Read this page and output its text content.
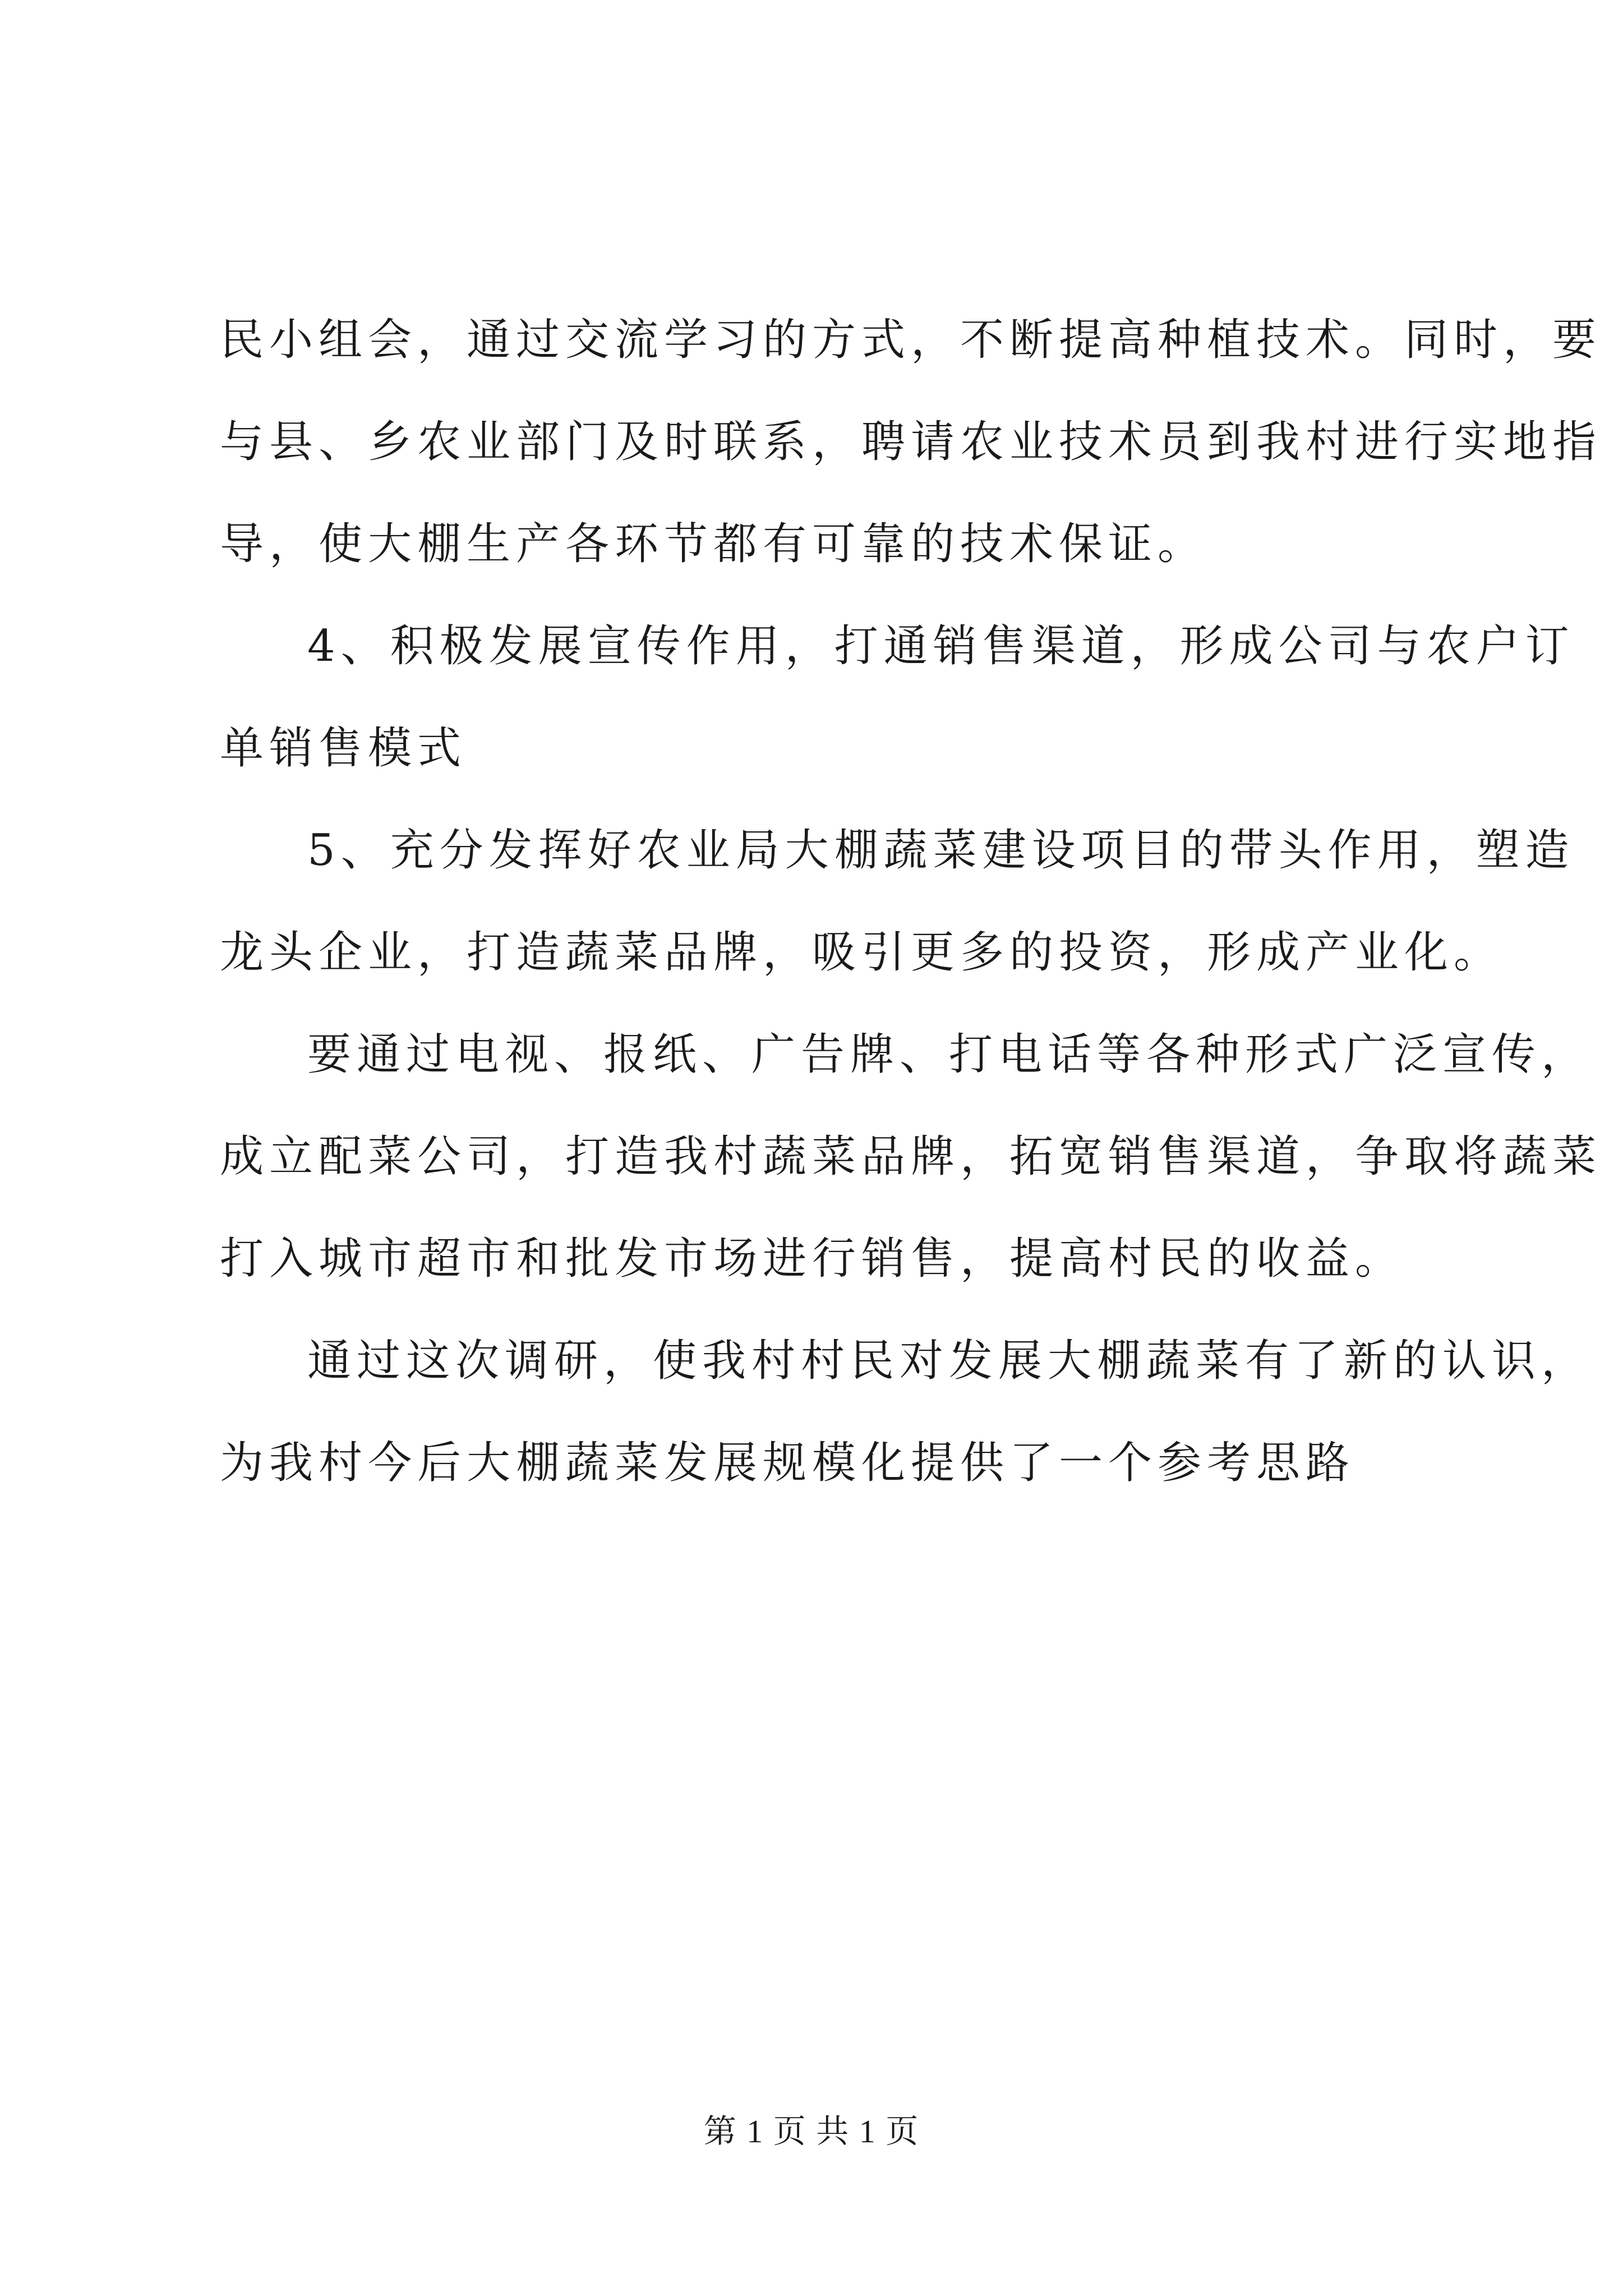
民小组会，通过交流学习的方式，不断提高种植技术。同时，要
与县、乡农业部门及时联系，聘请农业技术员到我村进行实地指
导，使大棚生产各环节都有可靠的技术保证。
4、积极发展宣传作用，打通销售渠道，形成公司与农户订
单销售模式
5、充分发挥好农业局大棚蔬菜建设项目的带头作用，塑造
龙头企业，打造蔬菜品牌，吸引更多的投资，形成产业化。
要通过电视、报纸、广告牌、打电话等各种形式广泛宣传，
成立配菜公司，打造我村蔬菜品牌，拓宽销售渠道，争取将蔬菜
打入城市超市和批发市场进行销售，提高村民的收益。
通过这次调研，使我村村民对发展大棚蔬菜有了新的认识，
为我村今后大棚蔬菜发展规模化提供了一个参考思路
第 1 页 共 1 页
